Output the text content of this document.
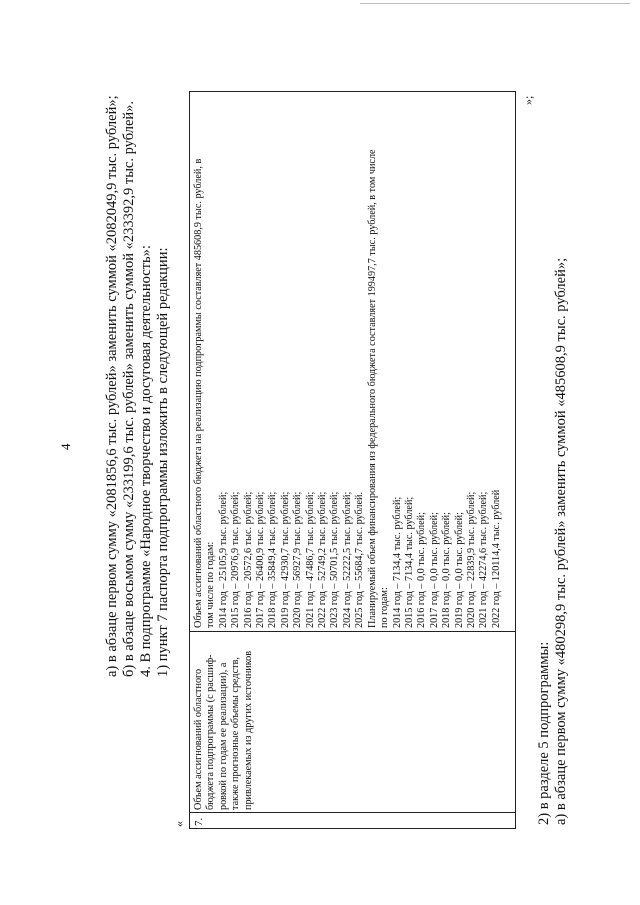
4 а) в абзаце первом сумму «2081856,6 тыс. рублей» заменить суммой «2082049,9 тыс. рублей»; б) в абзаце восьмом сумму «233199,6 тыс. рублей» заменить суммой «233392,9 тыс. рублей». 4. В подпрограмме «Народное творчество и досуговая деятельность»: 1) пункт 7 паспорта подпрограммы изложить в следующей редакции:
« 7.
Объем ассигнований областного бюджета подпрограммы (с расшиф- ровкой по годам ее реализации), а также прогнозные объемы средств, привлекаемых из других источников
Объем ассигнований областного бюджета на реализацию подпрограммы составляет 485608,9 тыс. рублей, в том числе по годам: 2014 год – 25105,9 тыс. рублей; 2015 год – 20976,9 тыс. рублей; 2016 год – 20572,6 тыс. рублей; 2017 год – 26400,9 тыс. рублей; 2018 год – 35849,4 тыс. рублей; 2019 год – 42930,7 тыс. рублей; 2020 год – 56927,9 тыс. рублей; 2021 год – 47486,7 тыс. рублей; 2022 год – 52749,2 тыс. рублей; 2023 год – 50701,5 тыс. рублей; 2024 год – 52222,5 тыс. рублей; 2025 год – 55684,7 тыс. рублей. Планируемый объем финансирования из федерального бюджета составляет 199497,7 тыс. рублей, в том числе по годам: 2014 год – 7134,4 тыс. рублей; 2015 год – 7134,4 тыс. рублей; 2016 год – 0,0 тыс. рублей; 2017 год – 0,0 тыс. рублей; 2018 год – 0,0 тыс. рублей; 2019 год – 0,0 тыс. рублей; 2020 год – 22839,9 тыс. рублей; 2021 год – 42274,6 тыс. рублей; 2022 год – 120114,4 тыс. рублей
»;
2) в разделе 5 подпрограммы: а) в абзаце первом сумму «480298,9 тыс. рублей» заменить суммой «485608,9 тыс. рублей»;
